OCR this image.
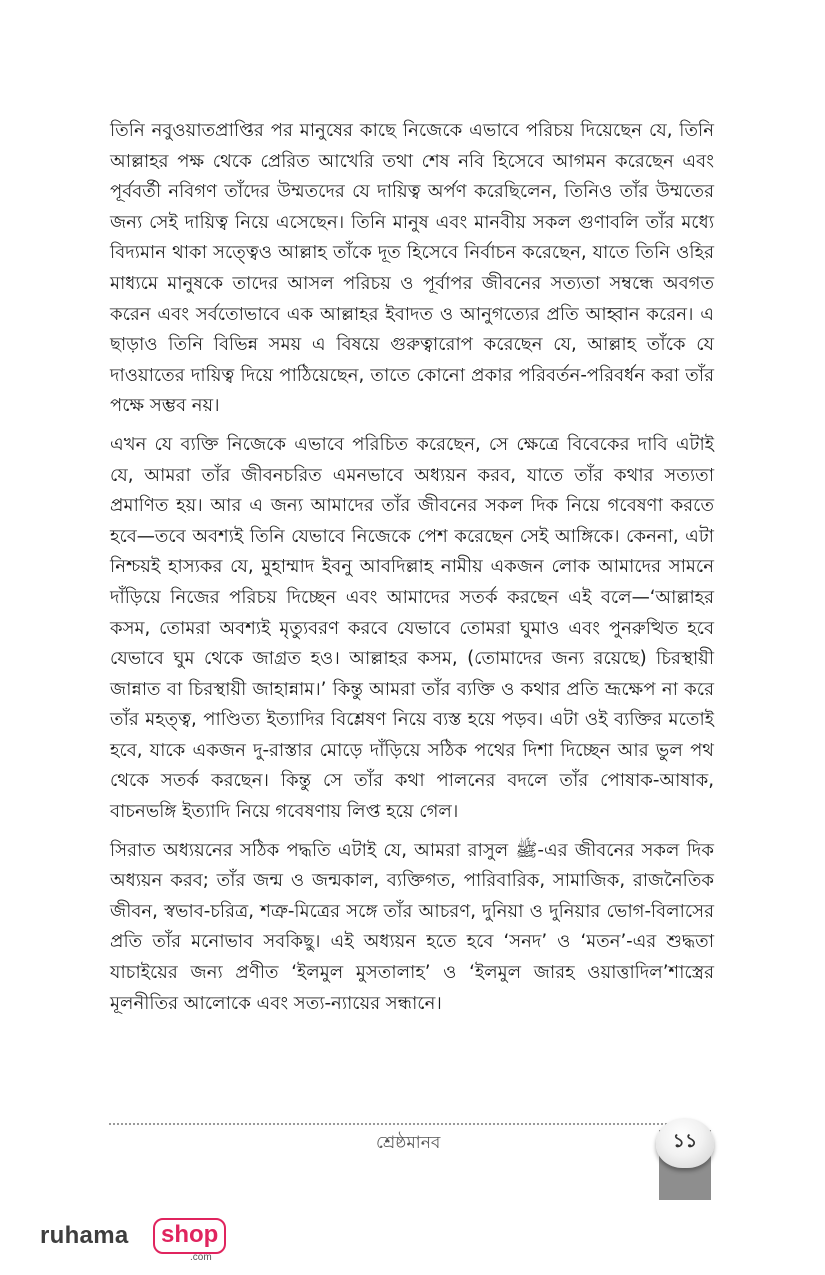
তিনি নবুওয়াতপ্রাপ্তির পর মানুষের কাছে নিজেকে এভাবে পরিচয় দিয়েছেন যে, তিনি আল্লাহর পক্ষ থেকে প্রেরিত আখেরি তথা শেষ নবি হিসেবে আগমন করেছেন এবং পূর্ববর্তী নবিগণ তাঁদের উম্মতদের যে দায়িত্ব অর্পণ করেছিলেন, তিনিও তাঁর উম্মতের জন্য সেই দায়িত্ব নিয়ে এসেছেন। তিনি মানুষ এবং মানবীয় সকল গুণাবলি তাঁর মধ্যে বিদ্যমান থাকা সত্ত্বেও আল্লাহ তাঁকে দূত হিসেবে নির্বাচন করেছেন, যাতে তিনি ওহির মাধ্যমে মানুষকে তাদের আসল পরিচয় ও পূর্বাপর জীবনের সত্যতা সম্বন্ধে অবগত করেন এবং সর্বতোভাবে এক আল্লাহর ইবাদত ও আনুগত্যের প্রতি আহ্বান করেন। এ ছাড়াও তিনি বিভিন্ন সময় এ বিষয়ে গুরুত্বারোপ করেছেন যে, আল্লাহ তাঁকে যে দাওয়াতের দায়িত্ব দিয়ে পাঠিয়েছেন, তাতে কোনো প্রকার পরিবর্তন-পরিবর্ধন করা তাঁর পক্ষে সম্ভব নয়।

এখন যে ব্যক্তি নিজেকে এভাবে পরিচিত করেছেন, সে ক্ষেত্রে বিবেকের দাবি এটাই যে, আমরা তাঁর জীবনচরিত এমনভাবে অধ্যয়ন করব, যাতে তাঁর কথার সত্যতা প্রমাণিত হয়। আর এ জন্য আমাদের তাঁর জীবনের সকল দিক নিয়ে গবেষণা করতে হবে—তবে অবশ্যই তিনি যেভাবে নিজেকে পেশ করেছেন সেই আঙ্গিকে। কেননা, এটা নিশ্চয়ই হাস্যকর যে, মুহাম্মাদ ইবনু আবদিল্লাহ নামীয় একজন লোক আমাদের সামনে দাঁড়িয়ে নিজের পরিচয় দিচ্ছেন এবং আমাদের সতর্ক করছেন এই বলে—‘আল্লাহর কসম, তোমরা অবশ্যই মৃত্যুবরণ করবে যেভাবে তোমরা ঘুমাও এবং পুনরুত্থিত হবে যেভাবে ঘুম থেকে জাগ্রত হও। আল্লাহর কসম, (তোমাদের জন্য রয়েছে) চিরস্থায়ী জান্নাত বা চিরস্থায়ী জাহান্নাম।’ কিন্তু আমরা তাঁর ব্যক্তি ও কথার প্রতি ভ্রূক্ষেপ না করে তাঁর মহত্ত্ব, পাণ্ডিত্য ইত্যাদির বিশ্লেষণ নিয়ে ব্যস্ত হয়ে পড়ব। এটা ওই ব্যক্তির মতোই হবে, যাকে একজন দু-রাস্তার মোড়ে দাঁড়িয়ে সঠিক পথের দিশা দিচ্ছেন আর ভুল পথ থেকে সতর্ক করছেন। কিন্তু সে তাঁর কথা পালনের বদলে তাঁর পোষাক-আষাক, বাচনভঙ্গি ইত্যাদি নিয়ে গবেষণায় লিপ্ত হয়ে গেল।

সিরাত অধ্যয়নের সঠিক পদ্ধতি এটাই যে, আমরা রাসুল ﷺ-এর জীবনের সকল দিক অধ্যয়ন করব; তাঁর জন্ম ও জন্মকাল, ব্যক্তিগত, পারিবারিক, সামাজিক, রাজনৈতিক জীবন, স্বভাব-চরিত্র, শত্রু-মিত্রের সঙ্গে তাঁর আচরণ, দুনিয়া ও দুনিয়ার ভোগ-বিলাসের প্রতি তাঁর মনোভাব সবকিছু। এই অধ্যয়ন হতে হবে ‘সনদ’ ও ‘মতন’-এর শুদ্ধতা যাচাইয়ের জন্য প্রণীত ‘ইলমুল মুসতালাহ’ ও ‘ইলমুল জারহ ওয়াত্তাদিল’শাস্ত্রের মূলনীতির আলোকে এবং সত্য-ন্যায়ের সন্ধানে।

শ্রেষ্ঠমানব	১১
ruhama	shop
.com
